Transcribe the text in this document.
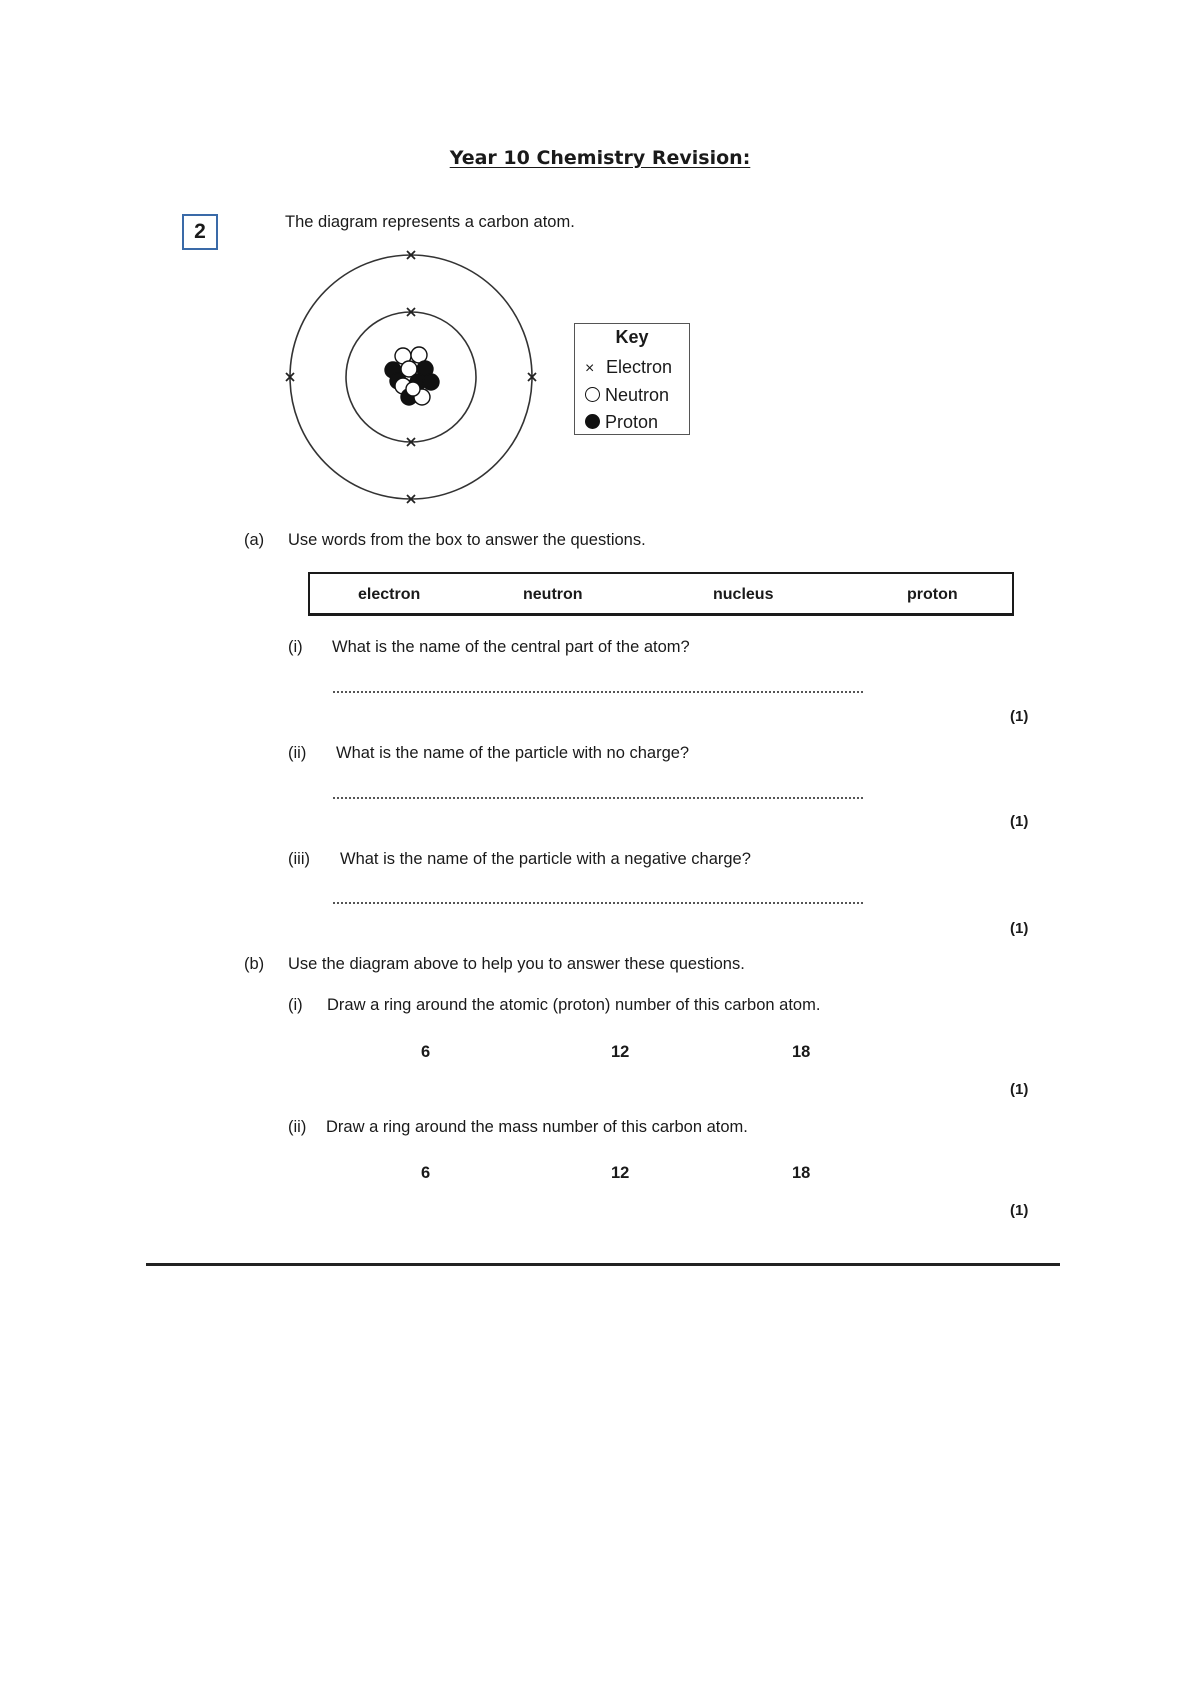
Year 10 Chemistry Revision:
2	The diagram represents a carbon atom.
Key
× Electron
Neutron
Proton
(a) Use words from the box to answer the questions.
electron	neutron	nucleus	proton
(i) What is the name of the central part of the atom?
(1)
(ii) What is the name of the particle with no charge?
(1)
(iii) What is the name of the particle with a negative charge?
(1)
(b) Use the diagram above to help you to answer these questions.
(i) Draw a ring around the atomic (proton) number of this carbon atom.
6	12	18
(1)
(ii) Draw a ring around the mass number of this carbon atom.
6	12	18
(1)
